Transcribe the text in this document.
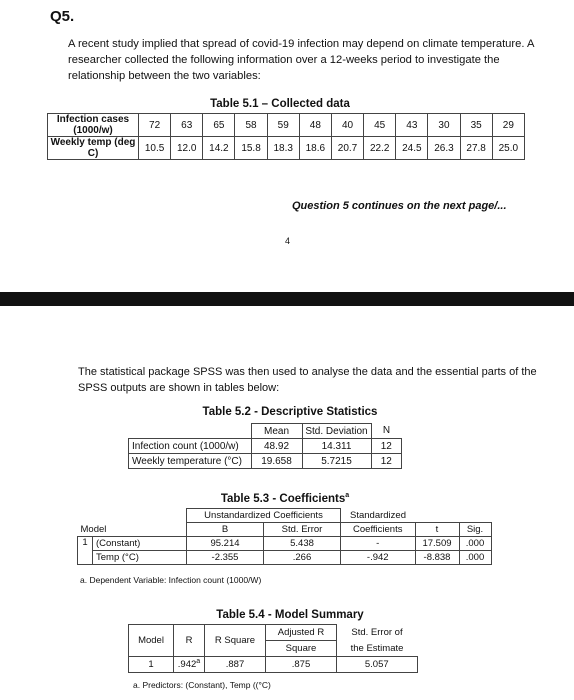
Q5.
A recent study implied that spread of covid-19 infection may depend on climate temperature. A researcher collected the following information over a 12-weeks period to investigate the relationship between the two variables:
Table 5.1 – Collected data
Infection cases (1000/w)	72	63	65	58	59	48	40	45	43	30	35	29
Weekly temp (deg C)	10.5	12.0	14.2	15.8	18.3	18.6	20.7	22.2	24.5	26.3	27.8	25.0
Question 5 continues on the next page/...
4
The statistical package SPSS was then used to analyse the data and the essential parts of the SPSS outputs are shown in tables below:
Table 5.2 - Descriptive Statistics
	Mean	Std. Deviation	N
Infection count (1000/w)	48.92	14.311	12
Weekly temperature (°C)	19.658	5.7215	12
Table 5.3 - Coefficients$^a$
		Unstandardized Coefficients		Standardized		
Model		B	Std. Error	Coefficients	t	Sig.
1	(Constant)	95.214	5.438	-	17.509	.000
	Temp (°C)	-2.355	.266	-.942	-8.838	.000
a. Dependent Variable: Infection count (1000/W)
Table 5.4 - Model Summary
Model	R	R Square	Adjusted R	Std. Error of
			Square	the Estimate
1	.942$^a$	.887	.875	5.057
a. Predictors: (Constant), Temp ((°C)
